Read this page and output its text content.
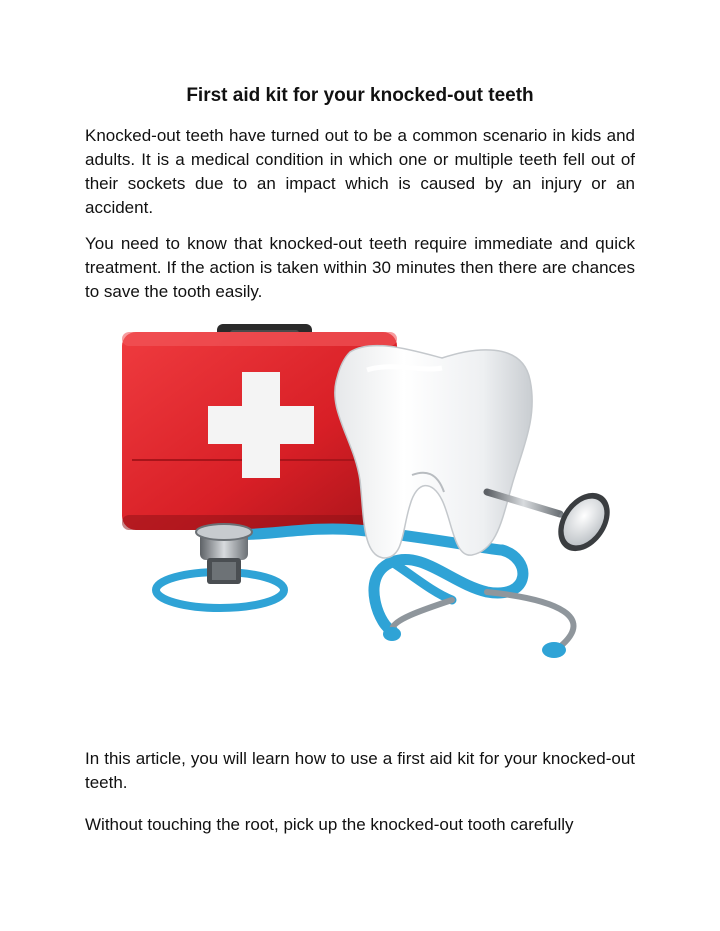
First aid kit for your knocked-out teeth

Knocked-out teeth have turned out to be a common scenario in kids and adults. It is a medical condition in which one or multiple teeth fell out of their sockets due to an impact which is caused by an injury or an accident.

You need to know that knocked-out teeth require immediate and quick treatment. If the action is taken within 30 minutes then there are chances to save the tooth easily.

In this article, you will learn how to use a first aid kit for your knocked-out teeth.

Without touching the root, pick up the knocked-out tooth carefully
